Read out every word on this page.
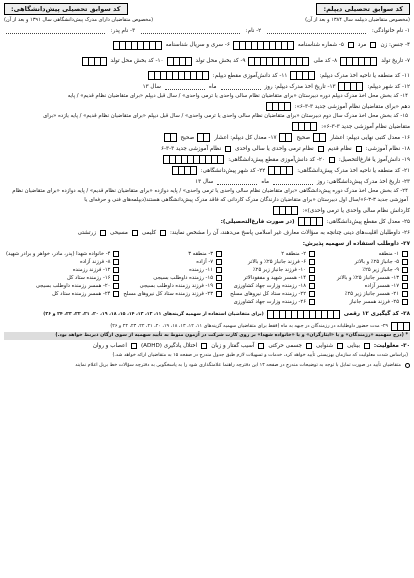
کد سوابق تحصیلی دیپلم:
کد سوابق تحصیلی پیش‌دانشگاهی:
(مخصوص متقاضیان دیپلمه سال ۱۳۸۴ و بعد از آن)
(مخصوص متقاضیان دارای مدرک پیش‌دانشگاهی سال ۱۳۹۱ و بعد از آن)
۱- نام خانوادگی:
۲- نام:
۳- نام پدر:
۴- جنس: زن
مرد
۵- شماره شناسنامه
۶- سری و سریال شناسنامه
۷- تاریخ تولد
۸- کد ملی
۹- کد بخش محل تولد
۱۰- کد بخش محل تولد
۱۱- کد منطقه یا ناحیه اخذ مدرک دیپلم:
۱۱- کد دانش‌آموزی مقطع دیپلم:
۱۲- کد شهر دیپلم:
۱۳- تاریخ اخذ مدرک دیپلم: روز
ماه
سال ۱۳
۱۴- کد بخش محل اخذ مدرک دیپلم دوره دبیرستان «برای متقاضیان نظام سالی واحدی یا ترمی واحدی» / سال قبل دیپلم «برای متقاضیان نظام قدیم» / پایه
دهم «برای متقاضیان نظام آموزشی جدید ۳-۳-۶»:
۱۵- کد بخش محل اخذ مدرک سال دوم دبیرستان «برای متقاضیان نظام سالی واحدی یا ترمی واحدی» / سال قبل دیپلم «برای متقاضیان نظام قدیم» / پایه یازده «برای
متقاضیان نظام آموزشی جدید ۳-۳-۶»:
۱۶- معدل کتبی نهایی دیپلم: اعشار
صحیح
۱۷- معدل کل دیپلم: اعشار
صحیح
۱۸- نظام آموزشی:
نظام قدیم
نظام ترمی واحدی یا سالی واحدی
نظام آموزشی جدید ۳-۳-۶
۱۹- دانش‌آموز یا فارغ‌التحصیل:
۲۰- کد دانش‌آموزی مقطع پیش‌دانشگاهی:
۲۱- کد منطقه یا ناحیه اخذ مدرک پیش‌دانشگاهی:
۲۲- کد شهر پیش‌دانشگاهی:
۲۳- تاریخ اخذ مدرک پیش‌دانشگاهی: روز
ماه
سال ۱۳
۲۴- کد بخش محل اخذ مدرک دوره پیش‌دانشگاهی «برای متقاضیان نظام سالی واحدی یا ترمی واحدی» / پایه دوازده «برای متقاضیان نظام قدیم» / پایه دوازده «برای متقاضیان نظام آموزشی جدید ۳-۳-۶»/سال اول دبیرستان «برای متقاضیان دارندگان مدرک کاردانی که فاقد مدرک پیش‌دانشگاهی هستند(دیپلمه‌های فنی و حرفه‌ای یا
کاردانش نظام سالی واحدی یا ترمی واحدی)»:
۲۵- معدل کل مقطع پیش‌دانشگاهی:
(در صورت فارغ‌التحصیلی):
۲۶- داوطلبان اقلیت‌های دینی چنانچه به سؤالات معارف غیر اسلامی پاسخ می‌دهند، آن را مشخص نمایند:
کلیمی
مسیحی
زرتشتی
۲۷- داوطلب استفاده از سهمیه پذیرش:
۱- منطقه
۲- منطقه ۲
۳- منطقه ۳
۴- خانواده شهدا (پدر، مادر، خواهر و برادر شهید)
۵- جانباز ۲۵٪ و بالاتر
۶- فرزند جانباز ۲۵٪ و بالاتر
۷- آزاده
۸- فرزند آزاده
۹- جانباز زیر ۲۵٪
۱۰- فرزند جانباز زیر ۲۵٪
۱۱- رزمنده
۱۲- فرزند رزمنده
۱۳- همسر جانباز ۲۵٪ و بالاتر
۱۴- همسر شهید و مفقودالاثر
۱۵- رزمنده داوطلب بسیجی
۱۶- رزمنده ستاد کل
۱۷- همسر آزاده
۱۸- رزمنده وزارت جهاد کشاورزی
۱۹- فرزند رزمنده داوطلب بسیجی
۲۰- همسر رزمنده داوطلب بسیجی
۲۱- همسر جانباز زیر ۲۵٪
۲۲- رزمنده ستاد کل نیروهای مسلح
۲۳- فرزند رزمنده ستاد کل نیروهای مسلح
۲۴- همسر رزمنده ستاد کل
۲۵- فرزند همسر جانباز
۲۶- رزمنده وزارت جهاد کشاورزی
۲۸- کد گیگیری ۱۲ رقمی
(برای متقاضیان استفاده از سهمیه گزینه‌های ۱۱، ۱۲، ۱۳، ۱۴، ۱۵، ۱۸، ۱۹، ۲۰، ۲۱، ۲۲، ۲۳، ۲۴ و ۲۶)
۲۹- مدت حضور داوطلبانه در رزمندگان در جبهه به ماه (فقط برای متقاضیان سهمیه گزینه‌های ۱۱، ۱۲، ۱۳، ۱۸، ۱۹، ۲۰، ۲۱، ۲۲، ۲۳، ۲۴ و ۲۶)
* (درج سهمیه «رزمندگان» و یا «ایثارگران» و یا «خانواده شهدا» بر روی کارت شرکت در آزمون منوط به تأیید سهمیه از سوی ارگان ذیربط خواهد بود.)
۳۰- معلولیت:
بینایی
شنوایی
جسمی حرکتی
آسیب گفتار و زبان
اختلال یادگیری (ADHD)
اعصاب و روان
(براساس شدت معلولیت که سازمان بهزیستی تأیید خواهد کرد، خدمات و تسهیلات لازم طبق جدول مندرج در صفحه ۱۵ به متقاضیان ارائه خواهد شد.)
متقاضیان تأیید در صورت تمایل با توجه به توضیحات مندرج در صفحه ۱۴ این دفترچه راهنما علامتگذاری شود را به پاسخگویی به دفترچه سؤالات خط بریل اعلام نمایند
